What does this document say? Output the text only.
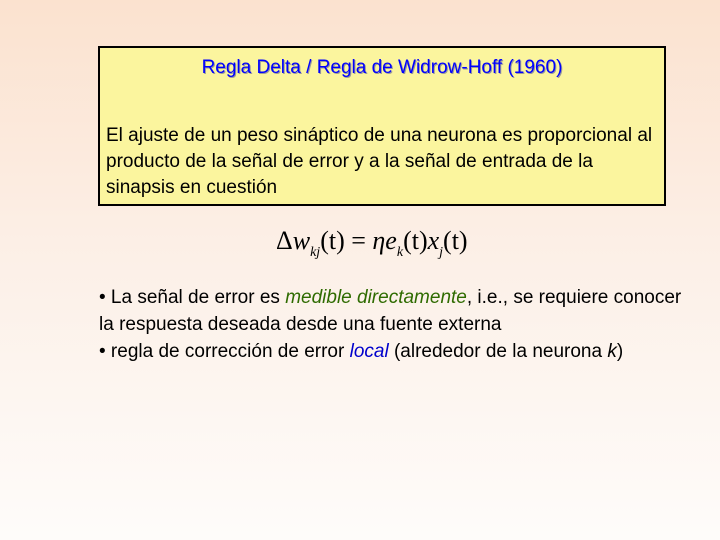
Regla Delta / Regla de Widrow-Hoff (1960)
El ajuste de un peso sináptico de una neurona es proporcional al producto de la señal de error y a la señal de entrada de la sinapsis en cuestión
$\Delta w_{kj}(t) = \eta e_k(t)x_j(t)$
• La señal de error es medible directamente, i.e., se requiere conocer la respuesta deseada desde una fuente externa
• regla de corrección de error local (alrededor de la neurona k)
